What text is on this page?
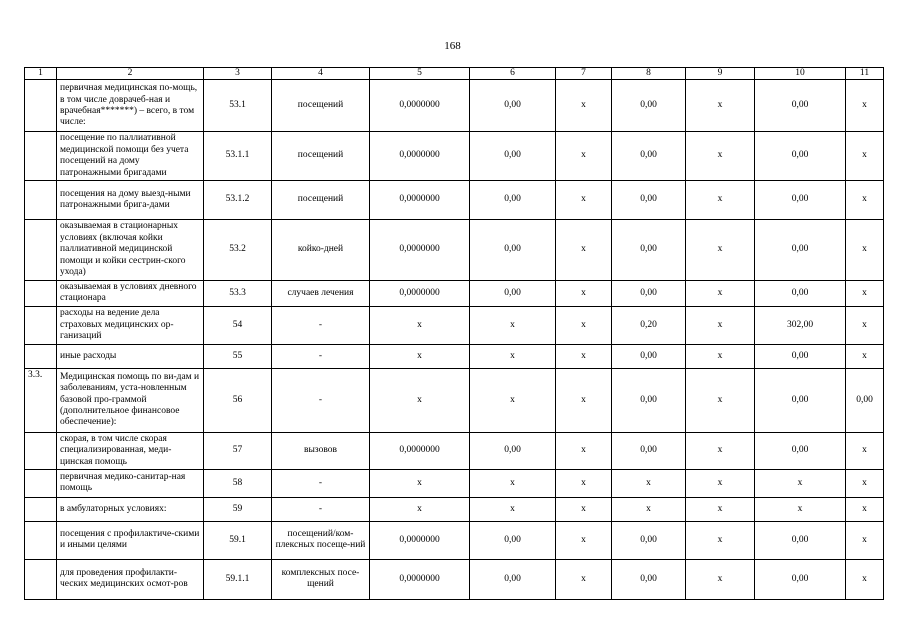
168
1	2	3	4	5	6	7	8	9	10	11
	первичная медицинская по-мощь, в том числе доврачеб-ная и врачебная*******) – всего, в том числе:	53.1	посещений	0,0000000	0,00	х	0,00	х	0,00	х
	посещение по паллиативной медицинской помощи без учета посещений на дому патронажными бригадами	53.1.1	посещений	0,0000000	0,00	х	0,00	х	0,00	х
	посещения на дому выезд-ными патронажными брига-дами	53.1.2	посещений	0,0000000	0,00	х	0,00	х	0,00	х
	оказываемая в стационарных условиях (включая койки паллиативной медицинской помощи и койки сестрин-ского ухода)	53.2	койко-дней	0,0000000	0,00	х	0,00	х	0,00	х
	оказываемая в условиях дневного стационара	53.3	случаев лечения	0,0000000	0,00	х	0,00	х	0,00	х
	расходы на ведение дела страховых медицинских ор-ганизаций	54	-	х	х	х	0,20	х	302,00	х
	иные расходы	55	-	х	х	х	0,00	х	0,00	х
3.3.	Медицинская помощь по ви-дам и заболеваниям, уста-новленным базовой про-граммой (дополнительное финансовое обеспечение):	56	-	х	х	х	0,00	х	0,00	0,00
	скорая, в том числе скорая специализированная, меди-цинская помощь	57	вызовов	0,0000000	0,00	х	0,00	х	0,00	х
	первичная медико-санитар-ная помощь	58	-	х	х	х	х	х	х	х
	в амбулаторных условиях:	59	-	х	х	х	х	х	х	х
	посещения с профилактиче-скими и иными целями	59.1	посещений/ком-плексных посеще-ний	0,0000000	0,00	х	0,00	х	0,00	х
	для проведения профилакти-ческих медицинских осмот-ров	59.1.1	комплексных посе-щений	0,0000000	0,00	х	0,00	х	0,00	х
